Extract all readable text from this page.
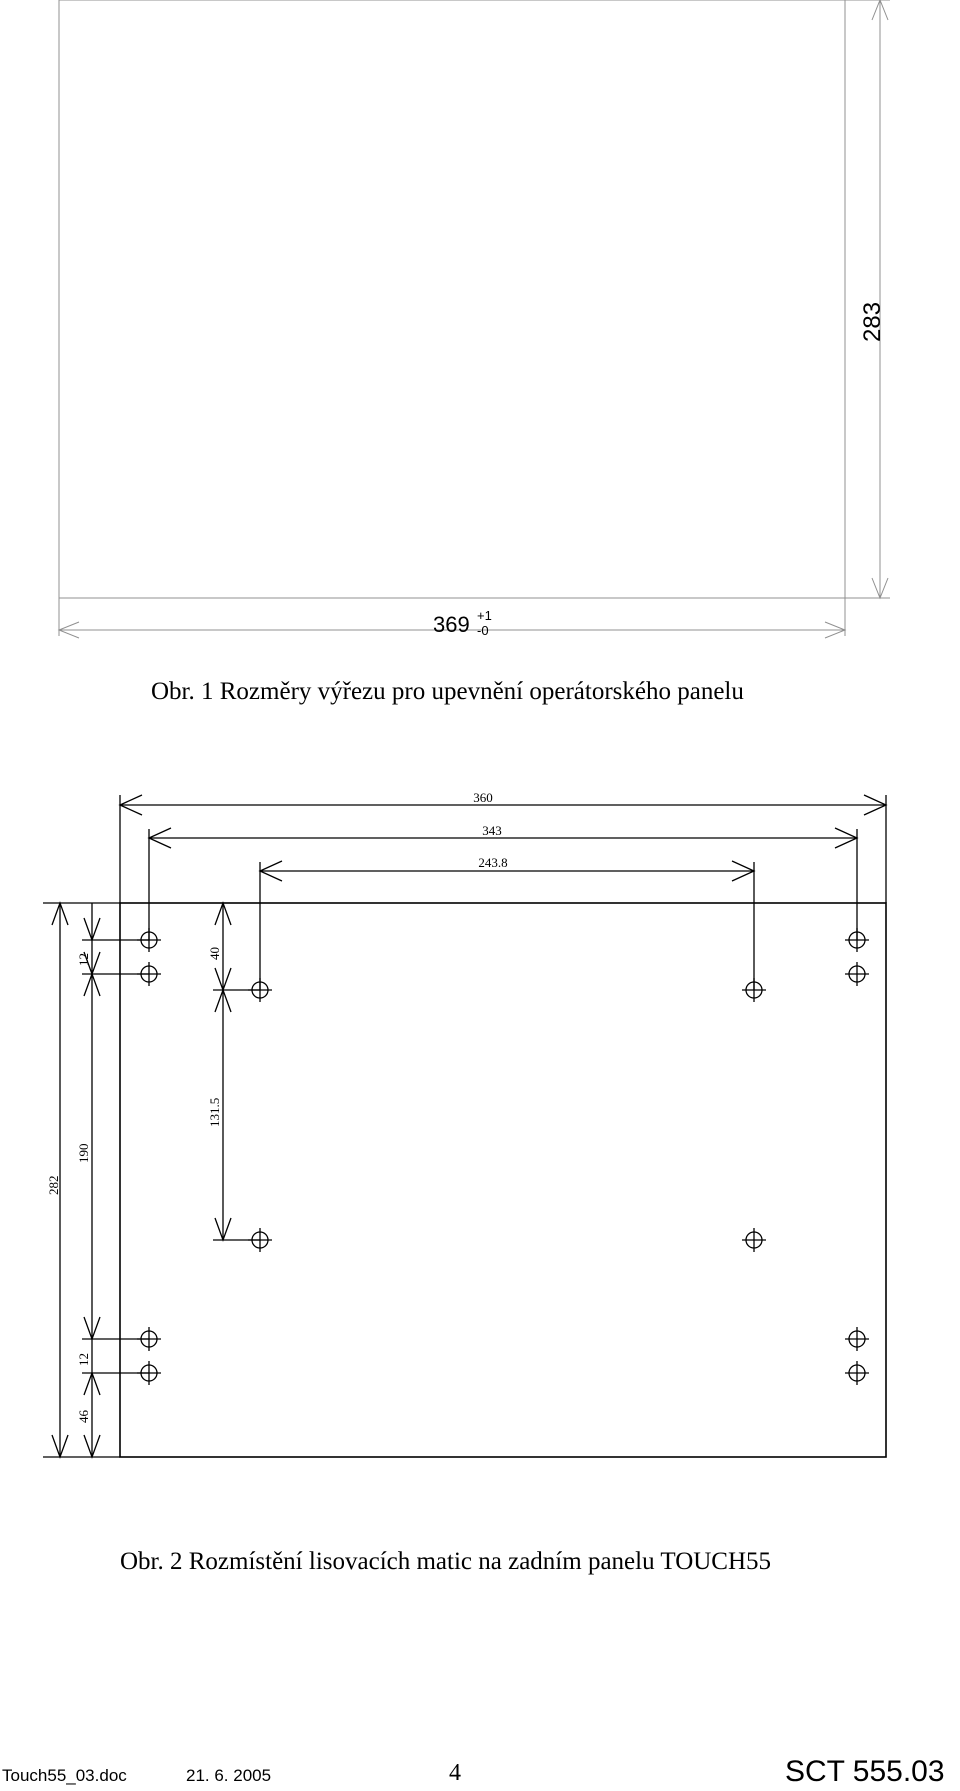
369 +1
-0
283
360
343
243.8
282
190
12
12
46
40
131.5
Obr. 1 Rozměry výřezu pro upevnění operátorského panelu
Obr. 2 Rozmístění lisovacích matic na zadním panelu TOUCH55
Touch55_03.doc	21. 6. 2005	4	SCT 555.03
